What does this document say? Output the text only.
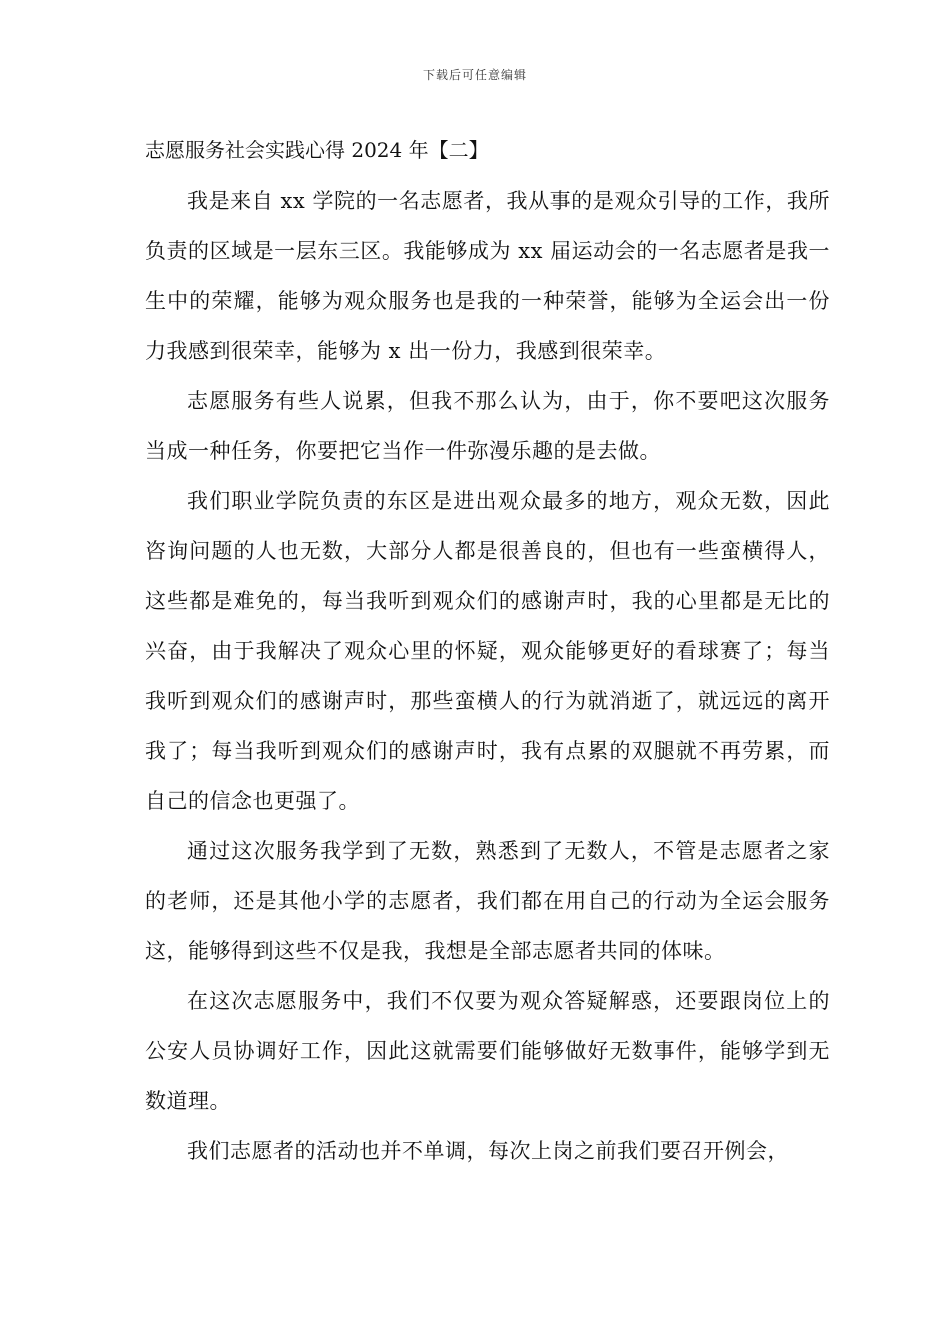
下载后可任意编辑
志愿服务社会实践心得 2024 年【二】

我是来自 xx 学院的一名志愿者，我从事的是观众引导的工作，我所负责的区域是一层东三区。我能够成为 xx 届运动会的一名志愿者是我一生中的荣耀，能够为观众服务也是我的一种荣誉，能够为全运会出一份力我感到很荣幸，能够为 x 出一份力，我感到很荣幸。

志愿服务有些人说累，但我不那么认为，由于，你不要吧这次服务当成一种任务，你要把它当作一件弥漫乐趣的是去做。

我们职业学院负责的东区是进出观众最多的地方，观众无数，因此咨询问题的人也无数，大部分人都是很善良的，但也有一些蛮横得人，这些都是难免的，每当我听到观众们的感谢声时，我的心里都是无比的兴奋，由于我解决了观众心里的怀疑，观众能够更好的看球赛了；每当我听到观众们的感谢声时，那些蛮横人的行为就消逝了，就远远的离开我了；每当我听到观众们的感谢声时，我有点累的双腿就不再劳累，而自己的信念也更强了。

通过这次服务我学到了无数，熟悉到了无数人，不管是志愿者之家的老师，还是其他小学的志愿者，我们都在用自己的行动为全运会服务这，能够得到这些不仅是我，我想是全部志愿者共同的体味。

在这次志愿服务中，我们不仅要为观众答疑解惑，还要跟岗位上的公安人员协调好工作，因此这就需要们能够做好无数事件，能够学到无数道理。

我们志愿者的活动也并不单调，每次上岗之前我们要召开例会，
